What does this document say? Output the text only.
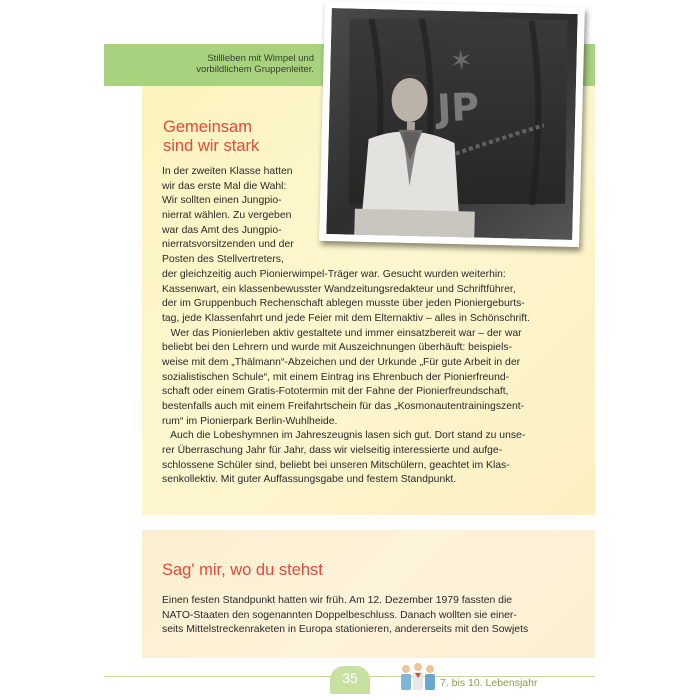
Stillleben mit Wimpel und
vorbildlichem Gruppenleiter.
Gemeinsam
sind wir stark
In der zweiten Klasse hatten
wir das erste Mal die Wahl:
Wir sollten einen Jungpio-
nierrat wählen. Zu vergeben
war das Amt des Jungpio-
nierratsvorsitzenden und der
Posten des Stellvertreters,
der gleichzeitig auch Pionierwimpel-Träger war. Gesucht wurden weiterhin:
Kassenwart, ein klassenbewusster Wandzeitungsredakteur und Schriftführer,
der im Gruppenbuch Rechenschaft ablegen musste über jeden Pioniergeburts-
tag, jede Klassenfahrt und jede Feier mit dem Elternaktiv – alles in Schönschrift.
Wer das Pionierleben aktiv gestaltete und immer einsatzbereit war – der war
beliebt bei den Lehrern und wurde mit Auszeichnungen überhäuft: beispiels-
weise mit dem „Thälmann“-Abzeichen und der Urkunde „Für gute Arbeit in der
sozialistischen Schule“, mit einem Eintrag ins Ehrenbuch der Pionierfreund-
schaft oder einem Gratis-Fototermin mit der Fahne der Pionierfreundschaft,
bestenfalls auch mit einem Freifahrtschein für das „Kosmonautentrainingszent-
rum“ im Pionierpark Berlin-Wuhlheide.
Auch die Lobeshymnen im Jahreszeugnis lasen sich gut. Dort stand zu unse-
rer Überraschung Jahr für Jahr, dass wir vielseitig interessierte und aufge-
schlossene Schüler sind, beliebt bei unseren Mitschülern, geachtet im Klas-
senkollektiv. Mit guter Auffassungsgabe und festem Standpunkt.
Sag' mir, wo du stehst
Einen festen Standpunkt hatten wir früh. Am 12. Dezember 1979 fassten die
NATO-Staaten den sogenannten Doppelbeschluss. Danach wollten sie einer-
seits Mittelstreckenraketen in Europa stationieren, andererseits mit den Sowjets
✶
JP
35	7. bis 10. Lebensjahr
